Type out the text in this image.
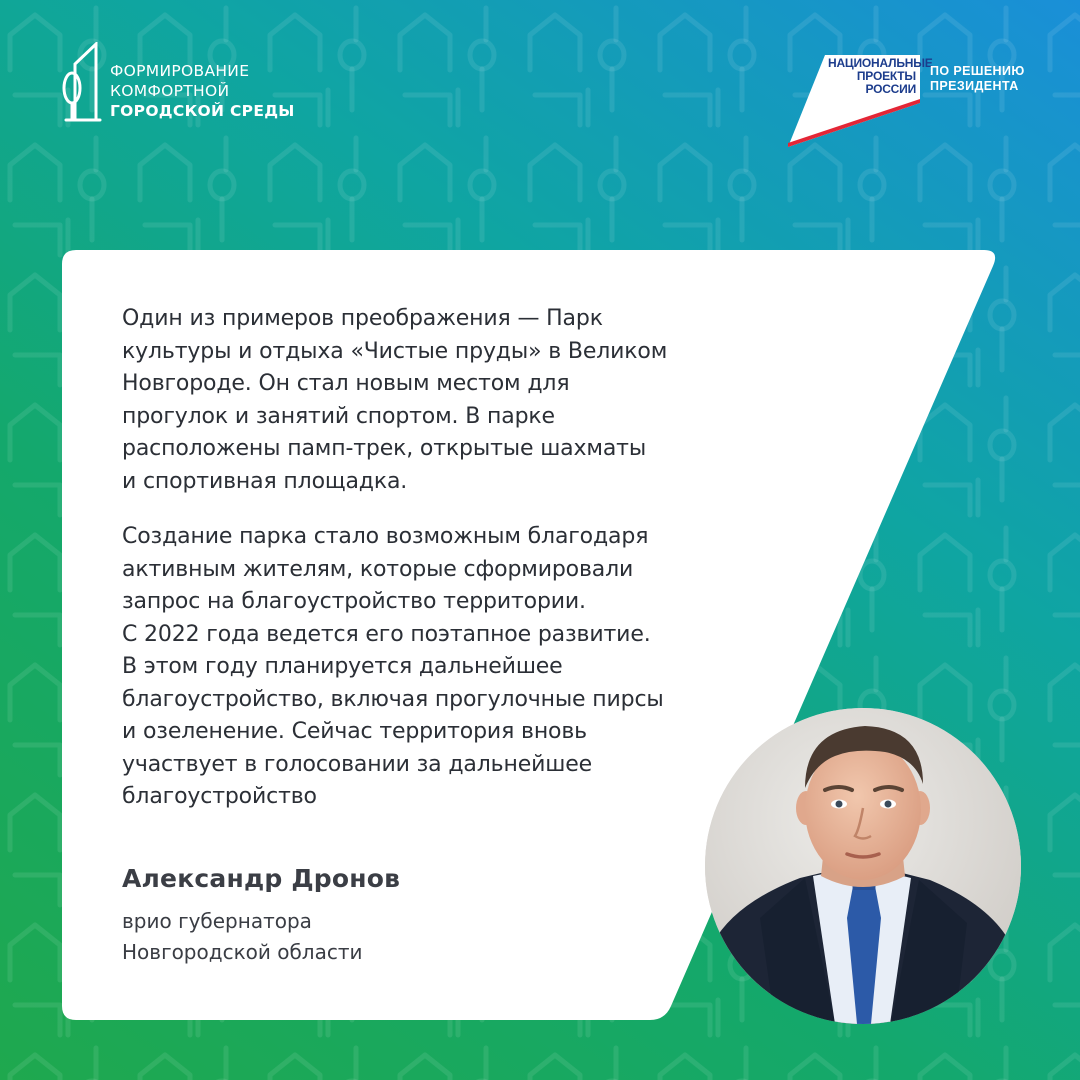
ФОРМИРОВАНИЕ
КОМФОРТНОЙ
ГОРОДСКОЙ СРЕДЫ
НАЦИОНАЛЬНЫЕ
ПРОЕКТЫ
РОССИИ
ПО РЕШЕНИЮ
ПРЕЗИДЕНТА

Один из примеров преображения — Парк
культуры и отдыха «Чистые пруды» в Великом
Новгороде. Он стал новым местом для
прогулок и занятий спортом. В парке
расположены памп-трек, открытые шахматы
и спортивная площадка.

Создание парка стало возможным благодаря
активным жителям, которые сформировали
запрос на благоустройство территории.
С 2022 года ведется его поэтапное развитие.
В этом году планируется дальнейшее
благоустройство, включая прогулочные пирсы
и озеленение. Сейчас территория вновь
участвует в голосовании за дальнейшее
благоустройство

Александр Дронов
врио губернатора
Новгородской области
